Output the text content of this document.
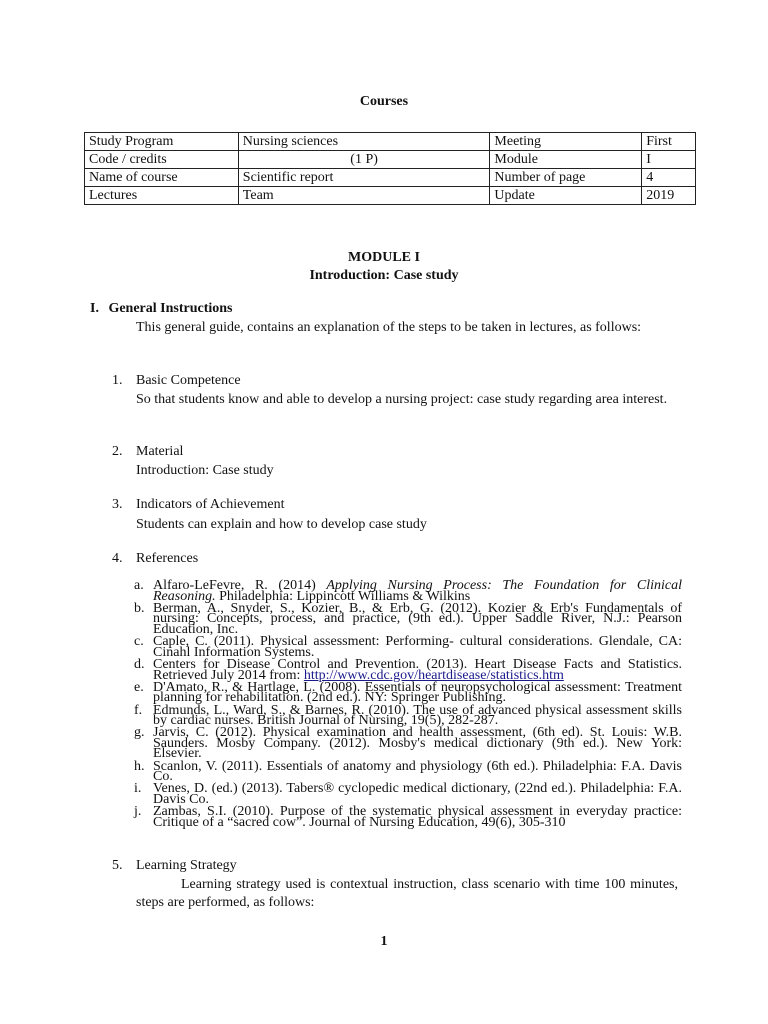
Courses
Study Program	Nursing sciences	Meeting	First
Code / credits	(1 P)	Module	I
Name of course	Scientific report	Number of page	4
Lectures	Team	Update	2019
MODULE I
Introduction: Case study
I. General Instructions
This general guide, contains an explanation of the steps to be taken in lectures, as follows:
1. Basic Competence
So that students know and able to develop a nursing project: case study regarding area interest.
2. Material
Introduction: Case study
3. Indicators of Achievement
Students can explain and how to develop case study
4. References
a. Alfaro-LeFevre, R. (2014) Applying Nursing Process: The Foundation for Clinical Reasoning. Philadelphia: Lippincott Williams & Wilkins
b. Berman, A., Snyder, S., Kozier, B., & Erb, G. (2012). Kozier & Erb's Fundamentals of nursing: Concepts, process, and practice, (9th ed.). Upper Saddle River, N.J.: Pearson Education, Inc.
c. Caple, C. (2011). Physical assessment: Performing- cultural considerations. Glendale, CA: Cinahl Information Systems.
d. Centers for Disease Control and Prevention. (2013). Heart Disease Facts and Statistics. Retrieved July 2014 from: http://www.cdc.gov/heartdisease/statistics.htm
e. D'Amato, R., & Hartlage, L. (2008). Essentials of neuropsychological assessment: Treatment planning for rehabilitation. (2nd ed.). NY: Springer Publishing.
f. Edmunds, L., Ward, S., & Barnes, R. (2010). The use of advanced physical assessment skills by cardiac nurses. British Journal of Nursing, 19(5), 282-287.
g. Jarvis, C. (2012). Physical examination and health assessment, (6th ed). St. Louis: W.B. Saunders. Mosby Company. (2012). Mosby's medical dictionary (9th ed.). New York: Elsevier.
h. Scanlon, V. (2011). Essentials of anatomy and physiology (6th ed.). Philadelphia: F.A. Davis Co.
i. Venes, D. (ed.) (2013). Tabers® cyclopedic medical dictionary, (22nd ed.). Philadelphia: F.A. Davis Co.
j. Zambas, S.I. (2010). Purpose of the systematic physical assessment in everyday practice: Critique of a “sacred cow”. Journal of Nursing Education, 49(6), 305-310
5. Learning Strategy
Learning strategy used is contextual instruction, class scenario with time 100 minutes, steps are performed, as follows:
1
